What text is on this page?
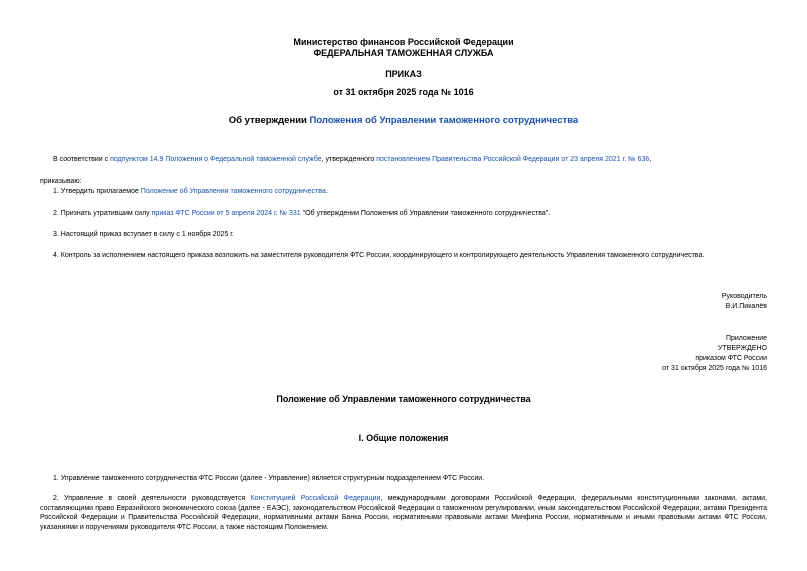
Министерство финансов Российской Федерации
ФЕДЕРАЛЬНАЯ ТАМОЖЕННАЯ СЛУЖБА
ПРИКАЗ
от 31 октября 2025 года № 1016
Об утверждении Положения об Управлении таможенного сотрудничества
В соответствии с подпунктом 14.9 Положения о Федеральной таможенной службе, утвержденного постановлением Правительства Российской Федерации от 23 апреля 2021 г. № 636,
приказываю:
1. Утвердить прилагаемое Положение об Управлении таможенного сотрудничества.
2. Признать утратившим силу приказ ФТС России от 5 апреля 2024 г. № 331 "Об утверждении Положения об Управлении таможенного сотрудничества".
3. Настоящий приказ вступает в силу с 1 ноября 2025 г.
4. Контроль за исполнением настоящего приказа возложить на заместителя руководителя ФТС России, координирующего и контролирующего деятельность Управления таможенного сотрудничества.
Руководитель
В.И.Пикалёв
Приложение
УТВЕРЖДЕНО
приказом ФТС России
от 31 октября 2025 года № 1016
Положение об Управлении таможенного сотрудничества
I. Общие положения
1. Управление таможенного сотрудничества ФТС России (далее - Управление) является структурным подразделением ФТС России.
2. Управление в своей деятельности руководствуется Конституцией Российской Федерации, международными договорами Российской Федерации, федеральными конституционными законами, актами, составляющими право Евразийского экономического союза (далее - ЕАЭС), законодательством Российской Федерации о таможенном регулировании, иным законодательством Российской Федерации, актами Президента Российской Федерации и Правительства Российской Федерации, нормативными актами Банка России, нормативными правовыми актами Минфина России, нормативными и иными правовыми актами ФТС России, указаниями и поручениями руководителя ФТС России, а также настоящим Положением.
